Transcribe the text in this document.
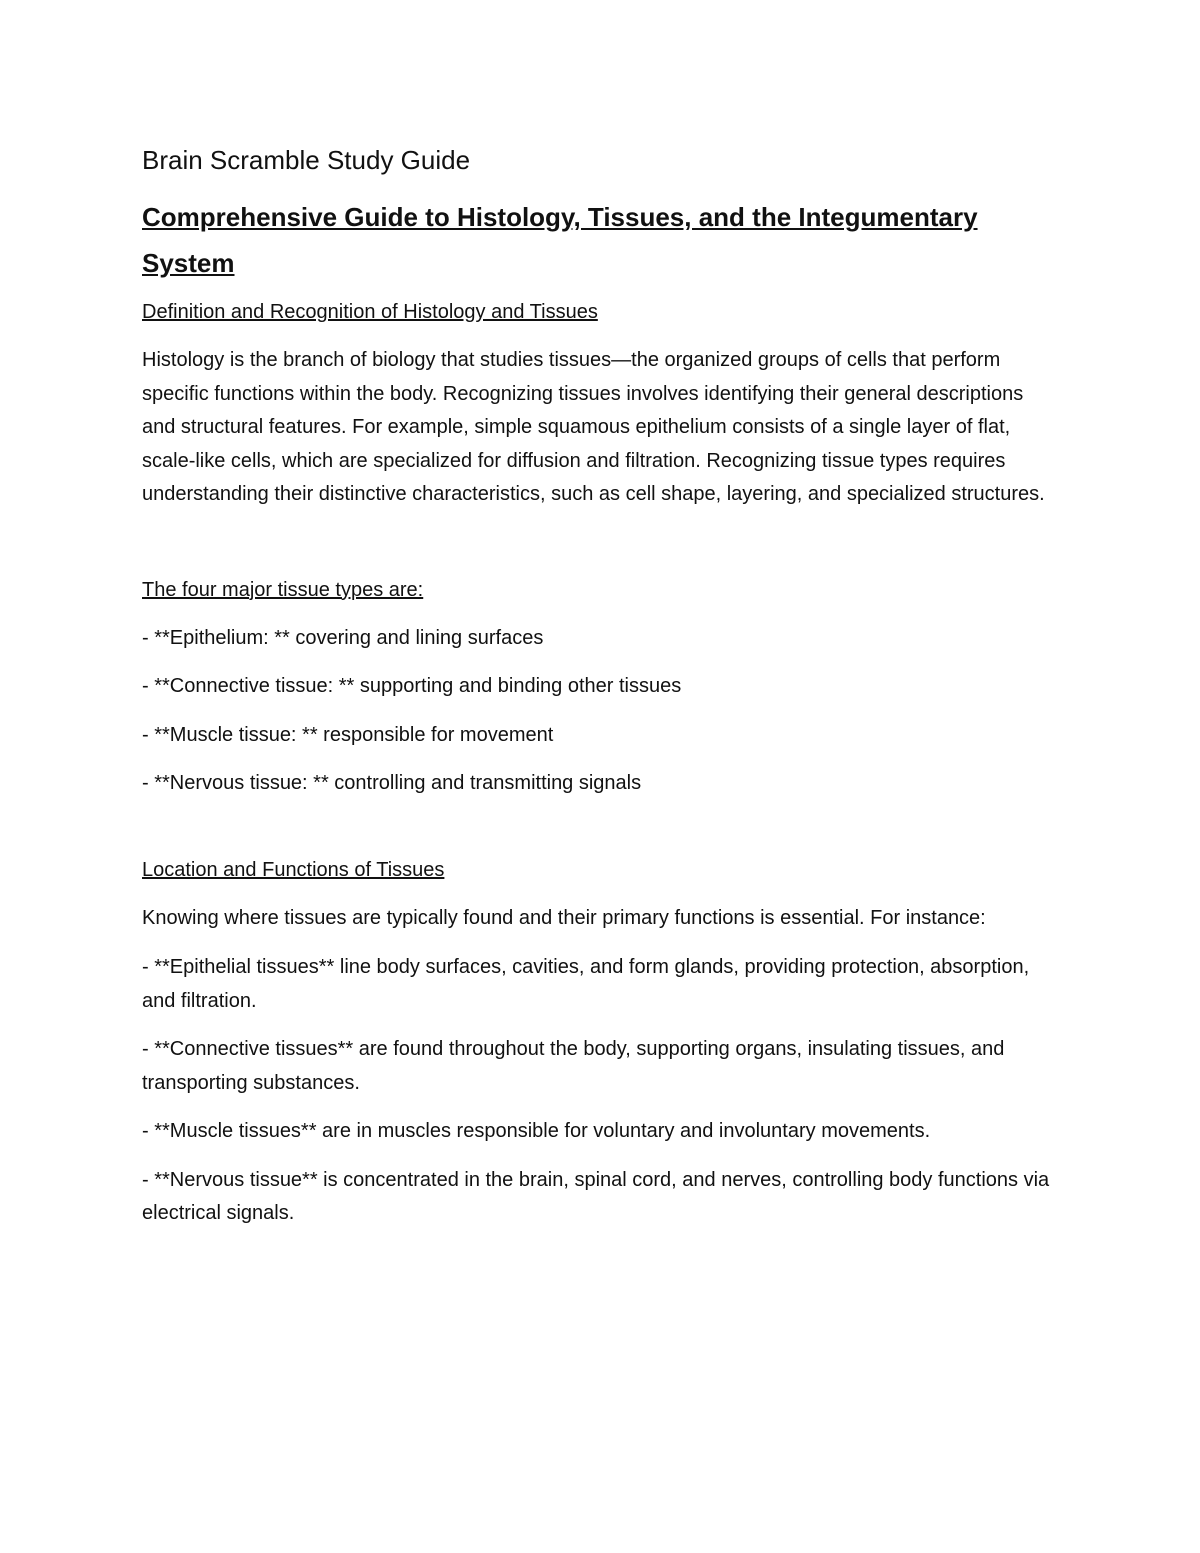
Brain Scramble Study Guide
Comprehensive Guide to Histology, Tissues, and the Integumentary System
Definition and Recognition of Histology and Tissues
Histology is the branch of biology that studies tissues—the organized groups of cells that perform specific functions within the body. Recognizing tissues involves identifying their general descriptions and structural features. For example, simple squamous epithelium consists of a single layer of flat, scale-like cells, which are specialized for diffusion and filtration. Recognizing tissue types requires understanding their distinctive characteristics, such as cell shape, layering, and specialized structures.
The four major tissue types are:
- **Epithelium: ** covering and lining surfaces
- **Connective tissue: ** supporting and binding other tissues
- **Muscle tissue: ** responsible for movement
- **Nervous tissue: ** controlling and transmitting signals
Location and Functions of Tissues
Knowing where tissues are typically found and their primary functions is essential. For instance:
- **Epithelial tissues** line body surfaces, cavities, and form glands, providing protection, absorption, and filtration.
- **Connective tissues** are found throughout the body, supporting organs, insulating tissues, and transporting substances.
- **Muscle tissues** are in muscles responsible for voluntary and involuntary movements.
- **Nervous tissue** is concentrated in the brain, spinal cord, and nerves, controlling body functions via electrical signals.
